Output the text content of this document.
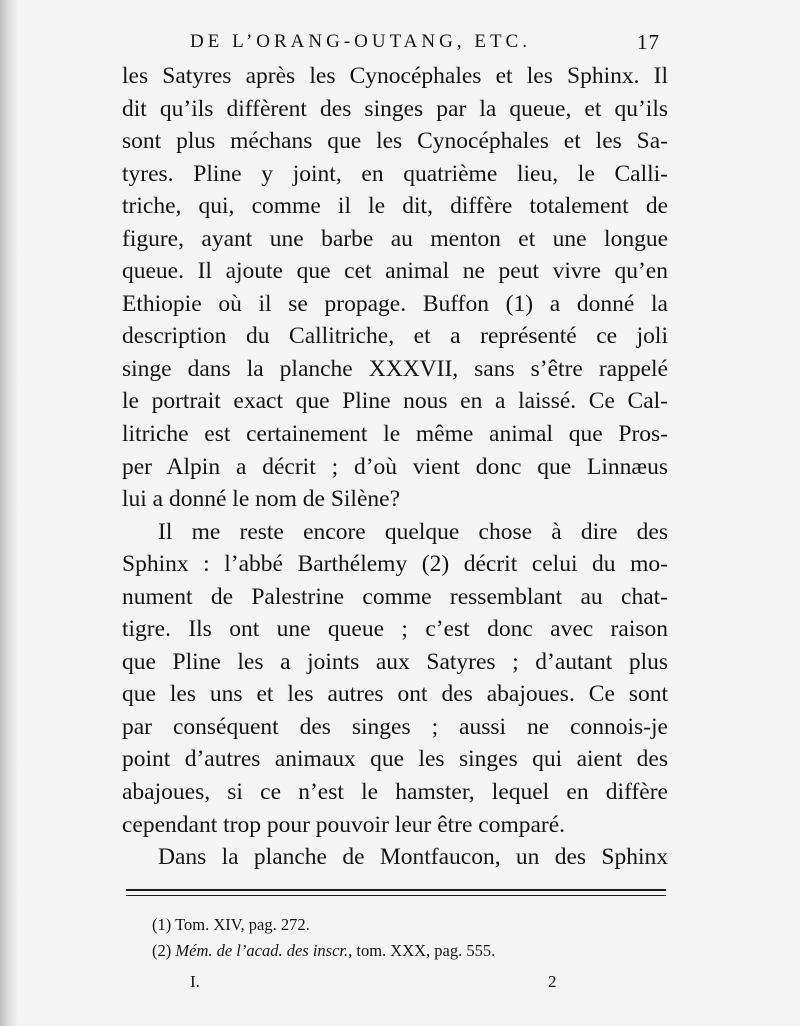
DE L’ORANG-OUTANG, ETC.	17
les Satyres après les Cynocéphales et les Sphinx. Il
dit qu’ils diffèrent des singes par la queue, et qu’ils
sont plus méchans que les Cynocéphales et les Sa-
tyres. Pline y joint, en quatrième lieu, le Calli-
triche, qui, comme il le dit, diffère totalement de
figure, ayant une barbe au menton et une longue
queue. Il ajoute que cet animal ne peut vivre qu’en
Ethiopie où il se propage. Buffon (1) a donné la
description du Callitriche, et a représenté ce joli
singe dans la planche XXXVII, sans s’être rappelé
le portrait exact que Pline nous en a laissé. Ce Cal-
litriche est certainement le même animal que Pros-
per Alpin a décrit ; d’où vient donc que Linnæus
lui a donné le nom de Silène?
Il me reste encore quelque chose à dire des
Sphinx : l’abbé Barthélemy (2) décrit celui du mo-
nument de Palestrine comme ressemblant au chat-
tigre. Ils ont une queue ; c’est donc avec raison
que Pline les a joints aux Satyres ; d’autant plus
que les uns et les autres ont des abajoues. Ce sont
par conséquent des singes ; aussi ne connois-je
point d’autres animaux que les singes qui aient des
abajoues, si ce n’est le hamster, lequel en diffère
cependant trop pour pouvoir leur être comparé.
Dans la planche de Montfaucon, un des Sphinx
(1) Tom. XIV, pag. 272.
(2) Mém. de l’acad. des inscr., tom. XXX, pag. 555.
I.	2
